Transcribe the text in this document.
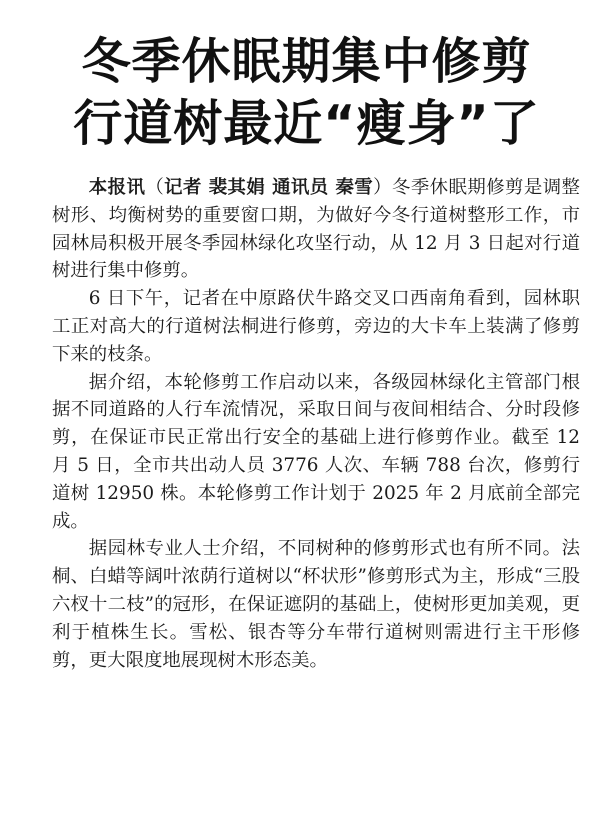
冬季休眠期集中修剪
行道树最近“瘦身”了

本报讯（记者 裴其娟 通讯员 秦雪）冬季休眠期修剪是调整树形、均衡树势的重要窗口期，为做好今冬行道树整形工作，市园林局积极开展冬季园林绿化攻坚行动，从 12 月 3 日起对行道树进行集中修剪。

6 日下午，记者在中原路伏牛路交叉口西南角看到，园林职工正对高大的行道树法桐进行修剪，旁边的大卡车上装满了修剪下来的枝条。

据介绍，本轮修剪工作启动以来，各级园林绿化主管部门根据不同道路的人行车流情况，采取日间与夜间相结合、分时段修剪，在保证市民正常出行安全的基础上进行修剪作业。截至 12 月 5 日，全市共出动人员 3776 人次、车辆 788 台次，修剪行道树 12950 株。本轮修剪工作计划于 2025 年 2 月底前全部完成。

据园林专业人士介绍，不同树种的修剪形式也有所不同。法桐、白蜡等阔叶浓荫行道树以“杯状形”修剪形式为主，形成“三股六杈十二枝”的冠形，在保证遮阴的基础上，使树形更加美观，更利于植株生长。雪松、银杏等分车带行道树则需进行主干形修剪，更大限度地展现树木形态美。
